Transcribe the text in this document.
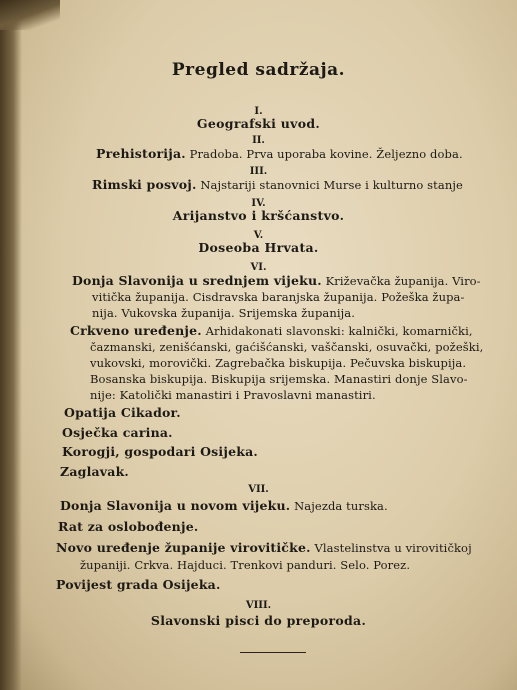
Pregled sadržaja.
I.
Geografski uvod.
II.
Prehistorija. Pradoba. Prva uporaba kovine. Željezno doba.
III.
Rimski posvoj. Najstariji stanovnici Murse i kulturno stanje
IV.
Arijanstvo i kršćanstvo.
V.
Doseoba Hrvata.
VI.
Donja Slavonija u srednjem vijeku. Križevačka županija. Viro-
vitička županija. Cisdravska baranjska županija. Požeška župa-
nija. Vukovska županija. Srijemska županija.
Crkveno uređenje. Arhidakonati slavonski: kalnički, komarnički,
čazmanski, zenišćanski, gaćišćanski, vaščanski, osuvački, požeški,
vukovski, morovički. Zagrebačka biskupija. Pečuvska biskupija.
Bosanska biskupija. Biskupija srijemska. Manastiri donje Slavo-
nije: Katolički manastiri i Pravoslavni manastiri.
Opatija Cikador.
Osječka carina.
Korogji, gospodari Osijeka.
Zaglavak.
VII.
Donja Slavonija u novom vijeku. Najezda turska.
Rat za oslobođenje.
Novo uređenje županije virovitičke. Vlastelinstva u virovitičkoj
županiji. Crkva. Hajduci. Trenkovi panduri. Selo. Porez.
Povijest grada Osijeka.
VIII.
Slavonski pisci do preporoda.
